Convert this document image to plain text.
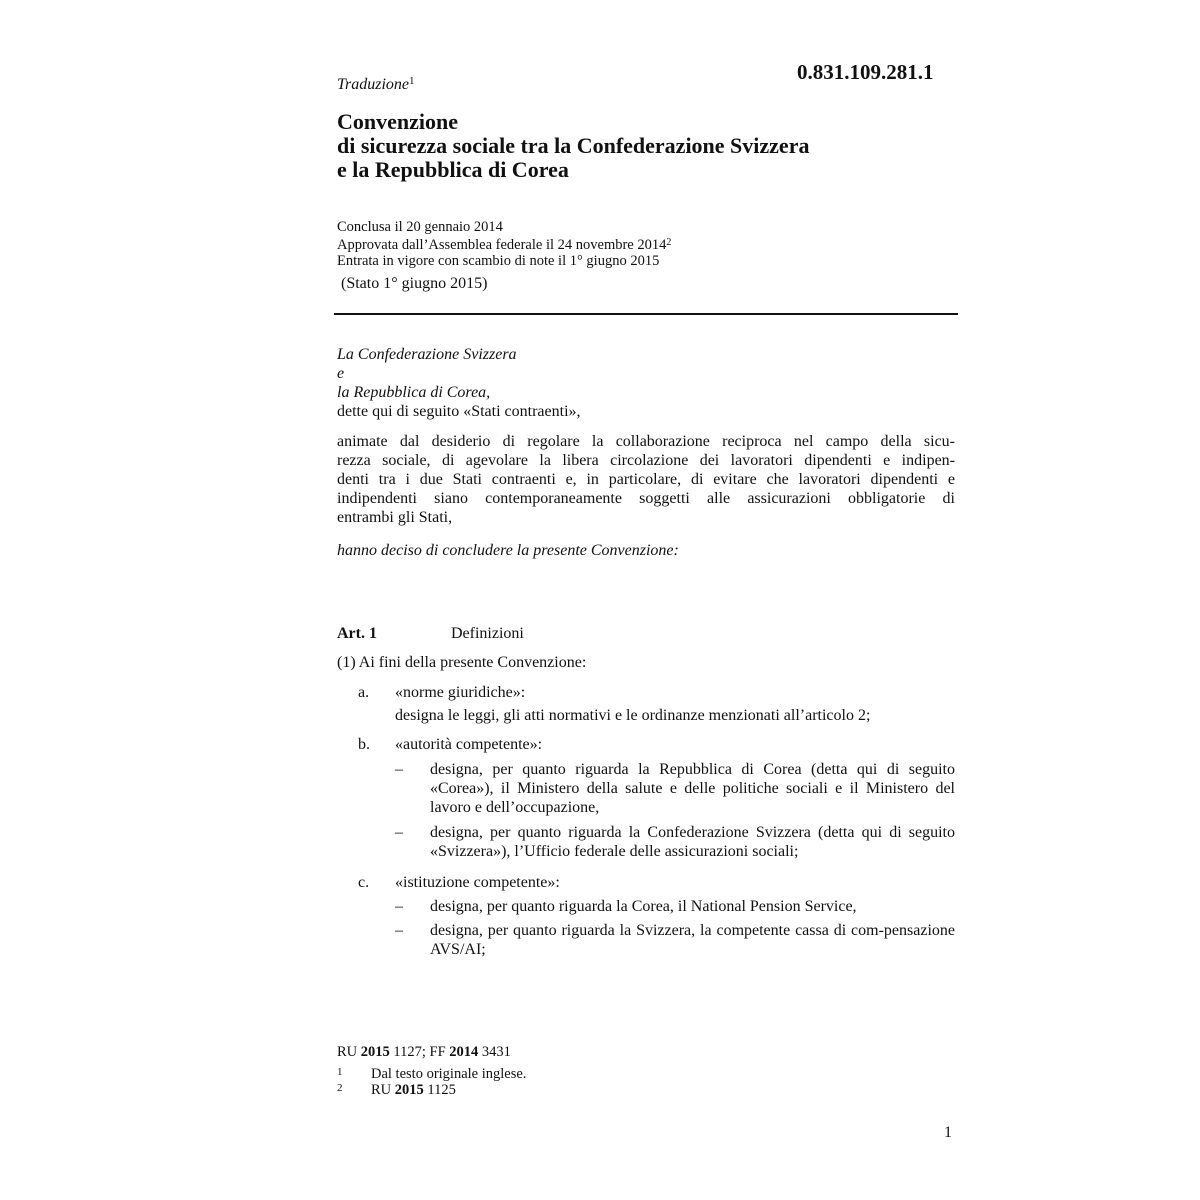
0.831.109.281.1
Traduzione$^1$
Convenzione
di sicurezza sociale tra la Confederazione Svizzera
e la Repubblica di Corea
Conclusa il 20 gennaio 2014
Approvata dall’Assemblea federale il 24 novembre 2014$^2$
Entrata in vigore con scambio di note il 1° giugno 2015
(Stato 1° giugno 2015)
La Confederazione Svizzera
e
la Repubblica di Corea,
dette qui di seguito «Stati contraenti»,
animate dal desiderio di regolare la collaborazione reciproca nel campo della sicu-
rezza sociale, di agevolare la libera circolazione dei lavoratori dipendenti e indipen-
denti tra i due Stati contraenti e, in particolare, di evitare che lavoratori dipendenti e
indipendenti siano contemporaneamente soggetti alle assicurazioni obbligatorie di
entrambi gli Stati,
hanno deciso di concludere la presente Convenzione:
Art. 1	Definizioni
(1) Ai fini della presente Convenzione:
a. «norme giuridiche»:
designa le leggi, gli atti normativi e le ordinanze menzionati all’articolo 2;
b. «autorità competente»:
– designa, per quanto riguarda la Repubblica di Corea (detta qui di seguito «Corea»), il Ministero della salute e delle politiche sociali e il Ministero del lavoro e dell’occupazione,
– designa, per quanto riguarda la Confederazione Svizzera (detta qui di seguito «Svizzera»), l’Ufficio federale delle assicurazioni sociali;
c. «istituzione competente»:
– designa, per quanto riguarda la Corea, il National Pension Service,
– designa, per quanto riguarda la Svizzera, la competente cassa di com-pensazione AVS/AI;
RU 2015 1127; FF 2014 3431
1 Dal testo originale inglese.
2 RU 2015 1125
1
